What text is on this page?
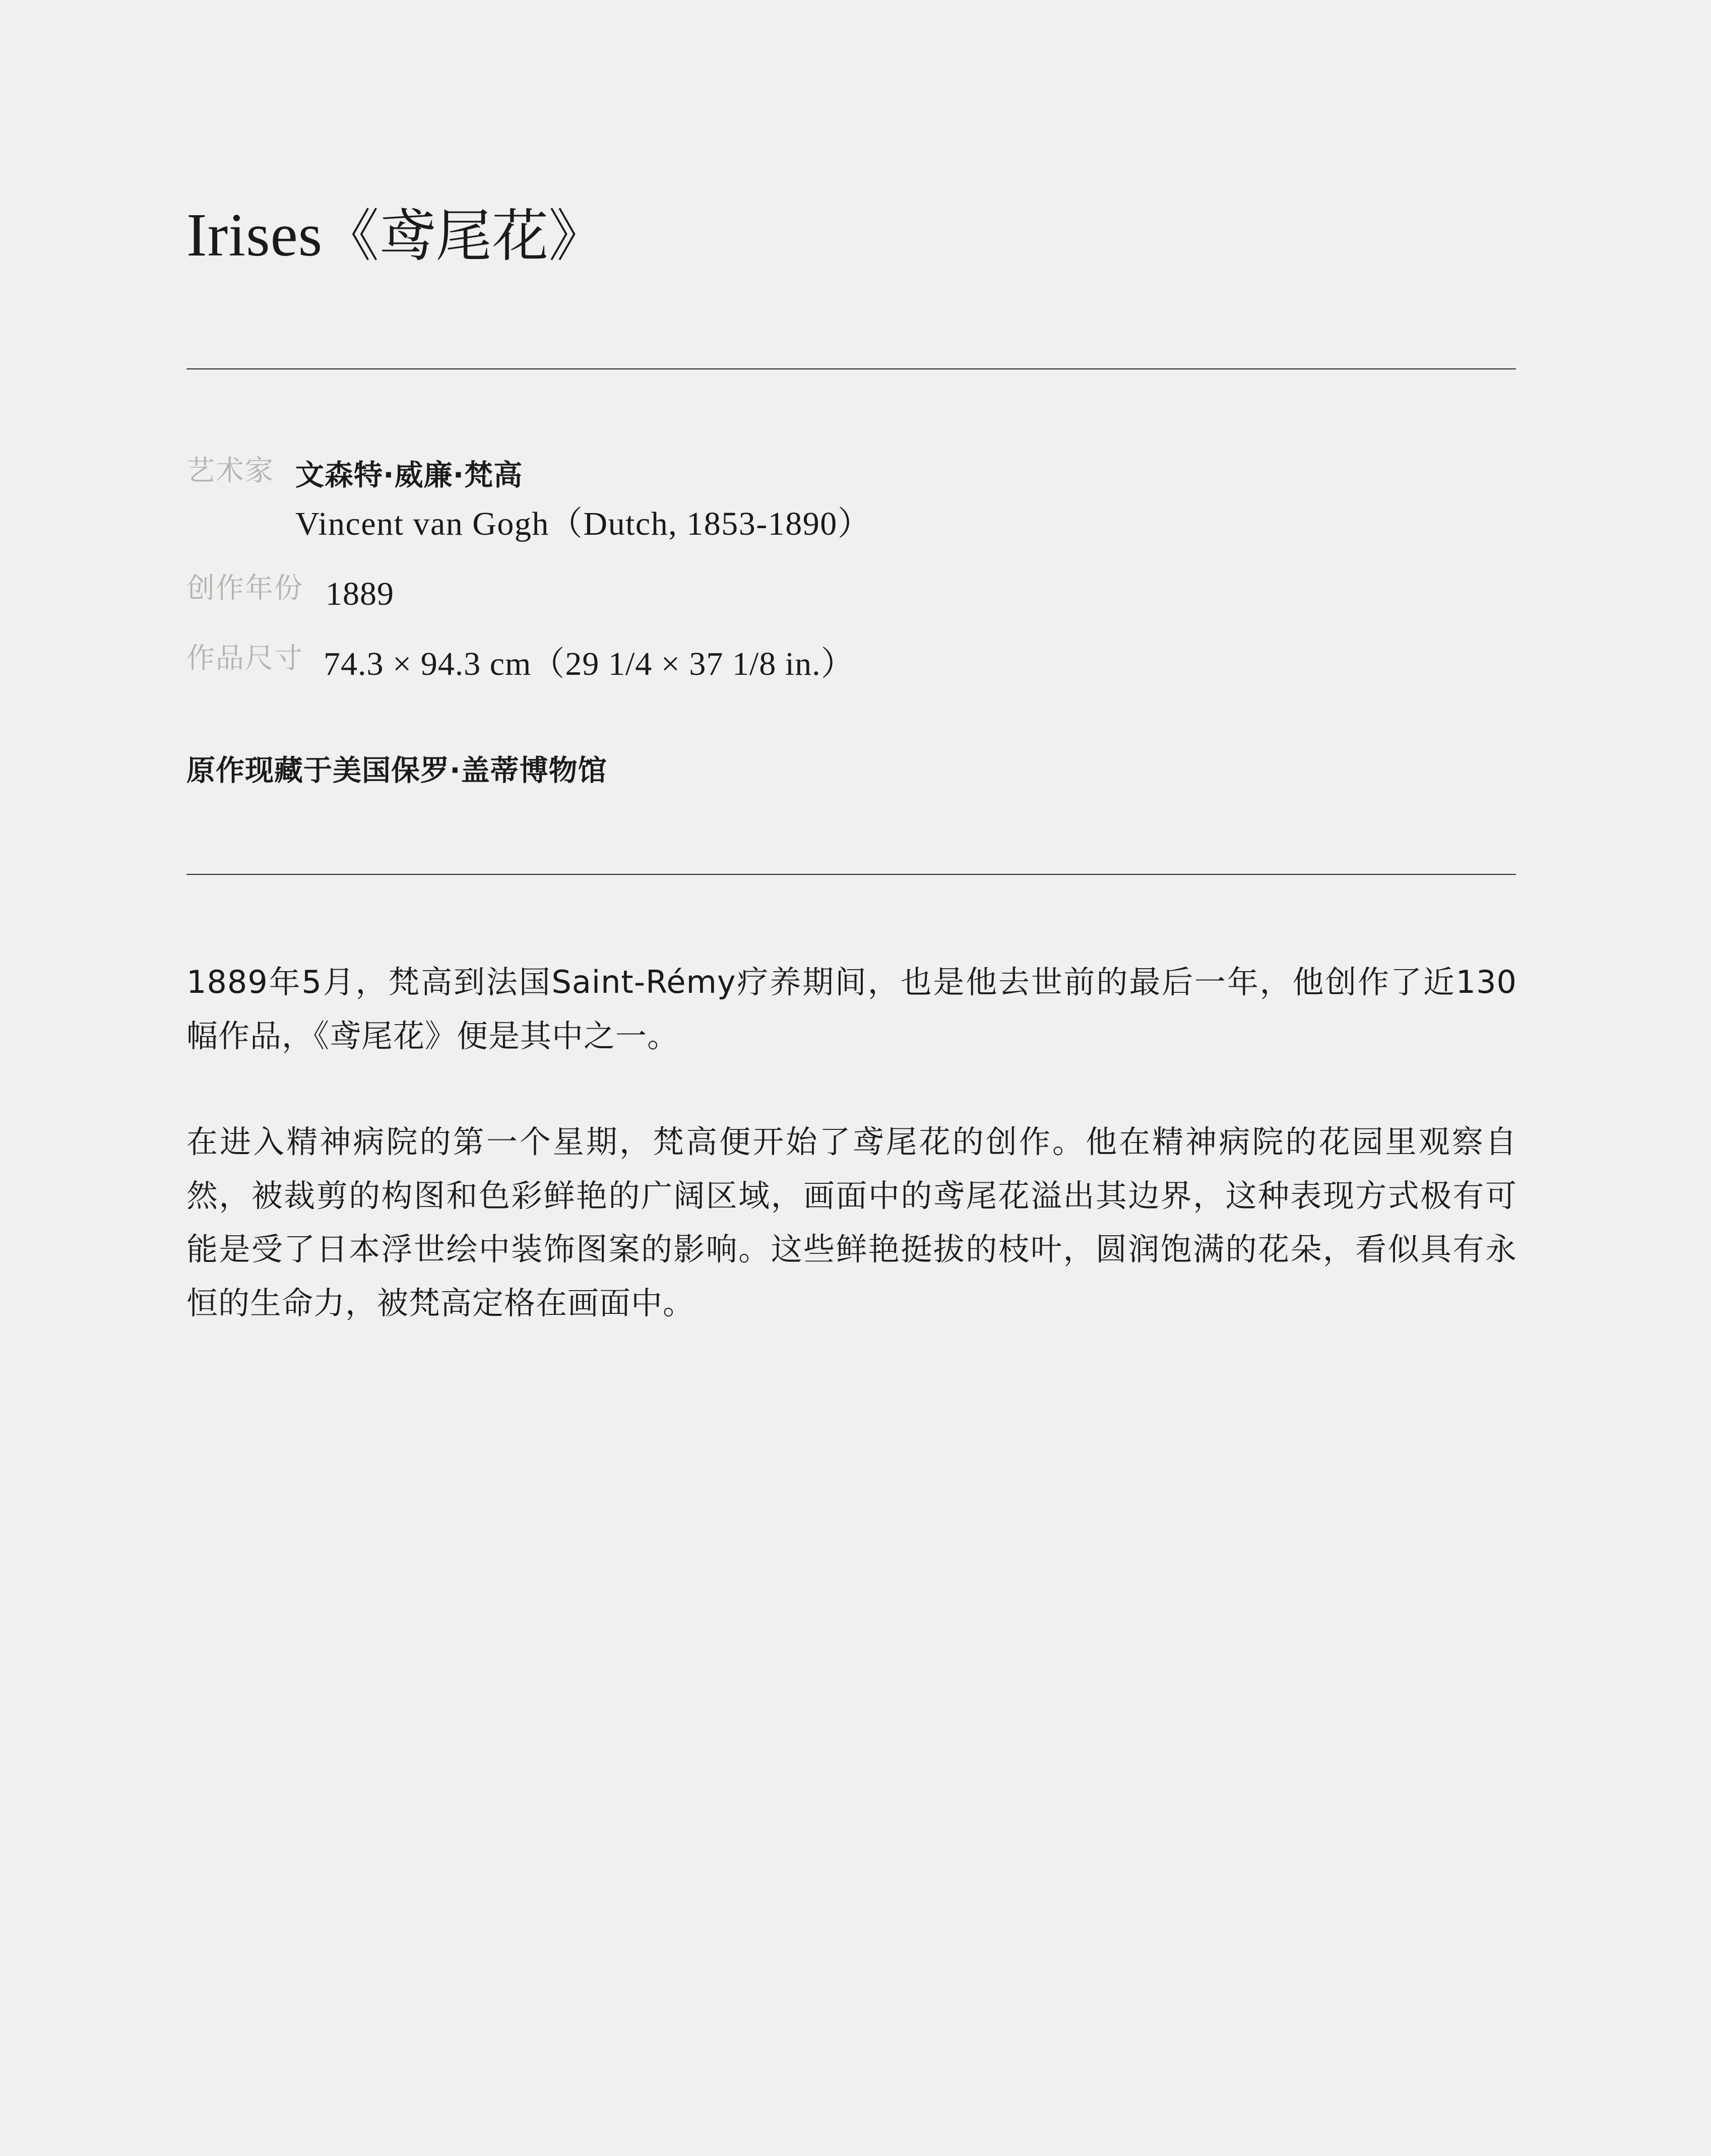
Irises《鸢尾花》
艺术家 文森特·威廉·梵高
Vincent van Gogh（Dutch, 1853-1890）
创作年份 1889
作品尺寸 74.3 × 94.3 cm（29 1/4 × 37 1/8 in.）
原作现藏于美国保罗·盖蒂博物馆

1889年5月，梵高到法国Saint-Rémy疗养期间，也是他去世前的最后一年，他创作了近130幅作品，《鸢尾花》便是其中之一。

在进入精神病院的第一个星期，梵高便开始了鸢尾花的创作。他在精神病院的花园里观察自然，被裁剪的构图和色彩鲜艳的广阔区域，画面中的鸢尾花溢出其边界，这种表现方式极有可能是受了日本浮世绘中装饰图案的影响。这些鲜艳挺拔的枝叶，圆润饱满的花朵，看似具有永恒的生命力，被梵高定格在画面中。
